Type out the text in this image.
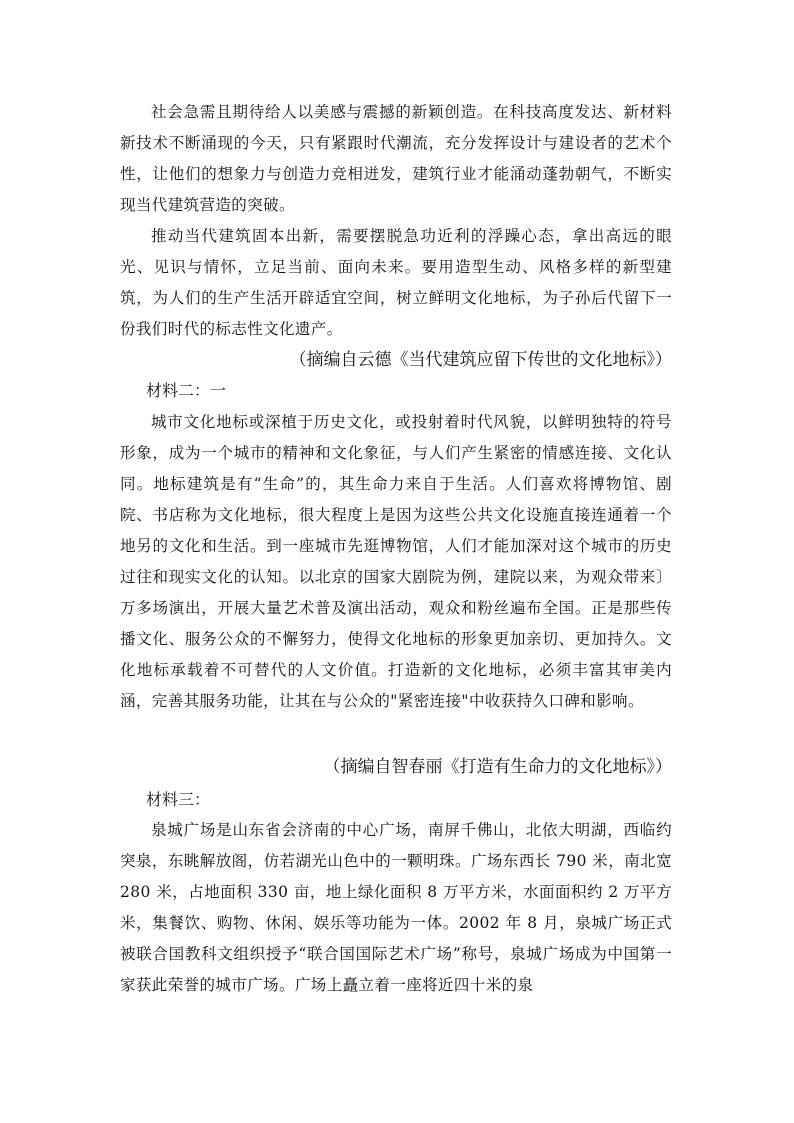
社会急需且期待给人以美感与震撼的新颖创造。在科技高度发达、新材料新技术不断涌现的今天，只有紧跟时代潮流，充分发挥设计与建设者的艺术个性，让他们的想象力与创造力竞相迸发，建筑行业才能涌动蓬勃朝气，不断实现当代建筑营造的突破。

推动当代建筑固本出新，需要摆脱急功近利的浮躁心态，拿出高远的眼光、见识与情怀，立足当前、面向未来。要用造型生动、风格多样的新型建筑，为人们的生产生活开辟适宜空间，树立鲜明文化地标，为子孙后代留下一份我们时代的标志性文化遗产。

（摘编自云德《当代建筑应留下传世的文化地标》）

材料二：一

城市文化地标或深植于历史文化，或投射着时代风貌，以鲜明独特的符号形象，成为一个城市的精神和文化象征，与人们产生紧密的情感连接、文化认同。地标建筑是有“生命”的，其生命力来自于生活。人们喜欢将博物馆、剧院、书店称为文化地标，很大程度上是因为这些公共文化设施直接连通着一个地另的文化和生活。到一座城市先逛博物馆，人们才能加深对这个城市的历史过往和现实文化的认知。以北京的国家大剧院为例，建院以来，为观众带来〕万多场演出，开展大量艺术普及演出活动，观众和粉丝遍布全国。正是那些传播文化、服务公众的不懈努力，使得文化地标的形象更加亲切、更加持久。文化地标承载着不可替代的人文价值。打造新的文化地标，必须丰富其审美内涵，完善其服务功能，让其在与公众的"紧密连接"中收获持久口碑和影响。

（摘编自智春丽《打造有生命力的文化地标》）

材料三：

泉城广场是山东省会济南的中心广场，南屏千佛山，北依大明湖，西临约突泉，东眺解放阁，仿若湖光山色中的一颗明珠。广场东西长 790 米，南北宽 280 米，占地面积 330 亩，地上绿化面积 8 万平方米，水面面积约 2 万平方米，集餐饮、购物、休闲、娱乐等功能为一体。2002 年 8 月，泉城广场正式被联合国教科文组织授予“联合国国际艺术广场”称号，泉城广场成为中国第一家获此荣誉的城市广场。广场上矗立着一座将近四十米的泉
